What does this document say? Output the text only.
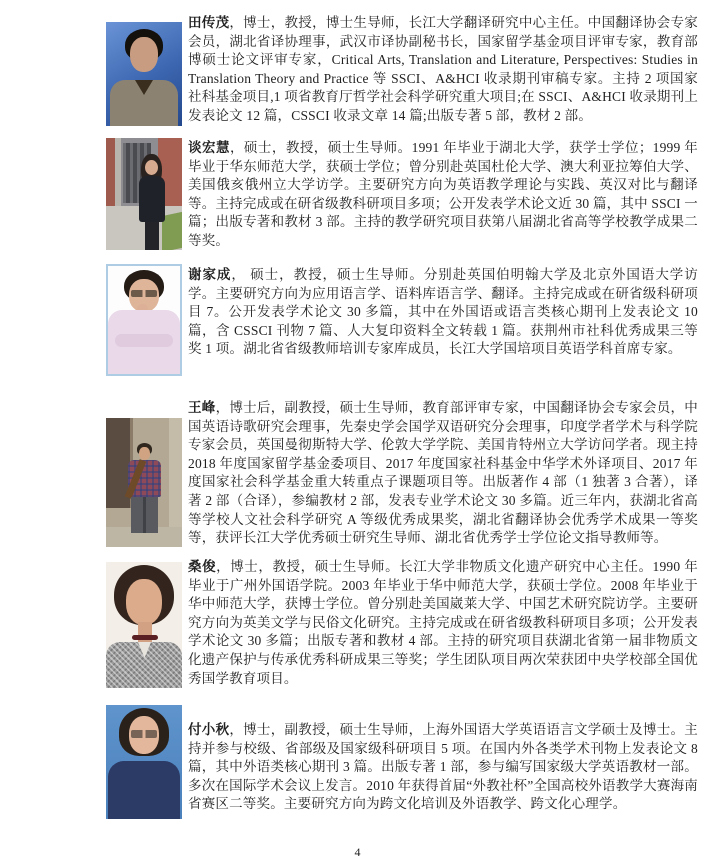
田传茂，博士，教授，博士生导师，长江大学翻译研究中心主任。中国翻译协会专家会员，湖北省译协理事，武汉市译协副秘书长，国家留学基金项目评审专家，教育部博硕士论文评审专家，Critical Arts, Translation and Literature, Perspectives: Studies in Translation Theory and Practice 等 SSCI、A&HCI 收录期刊审稿专家。主持 2 项国家社科基金项目,1 项省教育厅哲学社会科学研究重大项目;在 SSCI、A&HCI 收录期刊上发表论文 12 篇，CSSCI 收录文章 14 篇;出版专著 5 部，教材 2 部。

谈宏慧，硕士，教授，硕士生导师。1991 年毕业于湖北大学，获学士学位；1999 年毕业于华东师范大学，获硕士学位；曾分别赴英国杜伦大学、澳大利亚拉筹伯大学、美国俄亥俄州立大学访学。主要研究方向为英语教学理论与实践、英汉对比与翻译等。主持完成或在研省级教科研项目多项；公开发表学术论文近 30 篇，其中 SSCI 一篇；出版专著和教材 3 部。主持的教学研究项目获第八届湖北省高等学校教学成果二等奖。

谢家成， 硕士，教授，硕士生导师。分别赴英国伯明翰大学及北京外国语大学访学。主要研究方向为应用语言学、语料库语言学、翻译。主持完成或在研省级科研项目 7。公开发表学术论文 30 多篇，其中在外国语或语言类核心期刊上发表论文 10 篇，含 CSSCI 刊物 7 篇、人大复印资料全文转载 1 篇。获荆州市社科优秀成果三等奖 1 项。湖北省省级教师培训专家库成员，长江大学国培项目英语学科首席专家。

王峰，博士后，副教授，硕士生导师，教育部评审专家，中国翻译协会专家会员，中国英语诗歌研究会理事，先秦史学会国学双语研究分会理事，印度学者学术与科学院专家会员，英国曼彻斯特大学、伦敦大学学院、美国肯特州立大学访问学者。现主持 2018 年度国家留学基金委项目、2017 年度国家社科基金中华学术外译项目、2017 年度国家社会科学基金重大转重点子课题项目等。出版著作 4 部（1 独著 3 合著），译著 2 部（合译），参编教材 2 部，发表专业学术论文 30 多篇。近三年内，获湖北省高等学校人文社会科学研究 A 等级优秀成果奖，湖北省翻译协会优秀学术成果一等奖等，获评长江大学优秀硕士研究生导师、湖北省优秀学士学位论文指导教师等。

桑俊，博士，教授，硕士生导师。长江大学非物质文化遗产研究中心主任。1990 年毕业于广州外国语学院。2003 年毕业于华中师范大学，获硕士学位。2008 年毕业于华中师范大学，获博士学位。曾分别赴美国崴莱大学、中国艺术研究院访学。主要研究方向为英美文学与民俗文化研究。主持完成或在研省级教科研项目多项；公开发表学术论文 30 多篇；出版专著和教材 4 部。主持的研究项目获湖北省第一届非物质文化遗产保护与传承优秀科研成果三等奖；学生团队项目两次荣获团中央学校部全国优秀国学教育项目。

付小秋，博士，副教授，硕士生导师，上海外国语大学英语语言文学硕士及博士。主持并参与校级、省部级及国家级科研项目 5 项。在国内外各类学术刊物上发表论文 8 篇，其中外语类核心期刊 3 篇。出版专著 1 部，参与编写国家级大学英语教材一部。多次在国际学术会议上发言。2010 年获得首届“外教社杯”全国高校外语教学大赛海南省赛区二等奖。主要研究方向为跨文化培训及外语教学、跨文化心理学。

4
